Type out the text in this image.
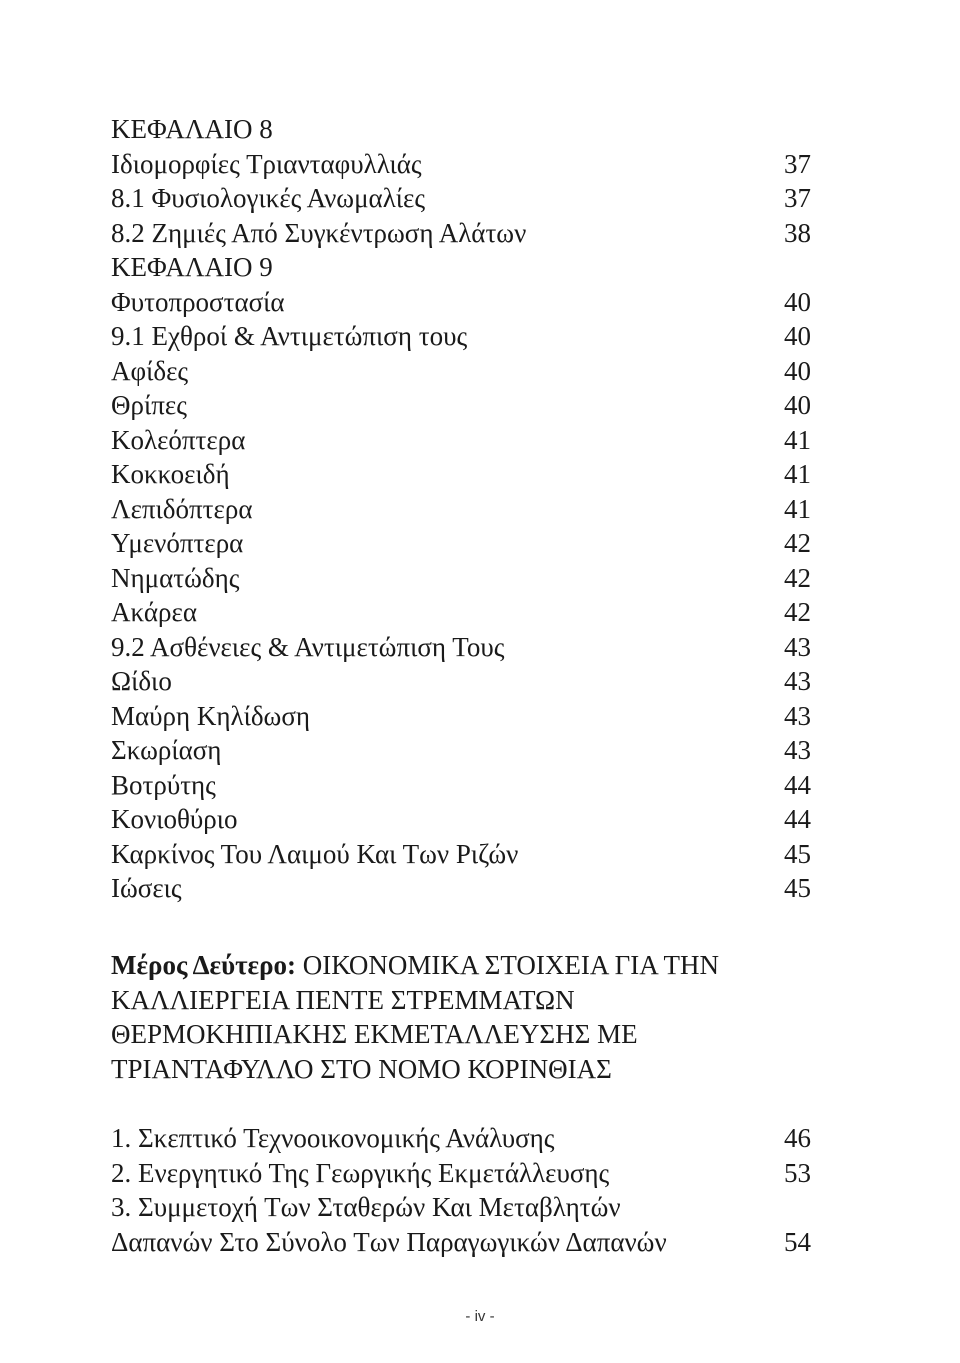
ΚΕΦΑΛΑΙΟ 8
Ιδιομορφίες Τριανταφυλλιάς	37
8.1 Φυσιολογικές Ανωμαλίες	37
8.2 Ζημιές Από Συγκέντρωση Αλάτων	38
ΚΕΦΑΛΑΙΟ 9
Φυτοπροστασία	40
9.1 Εχθροί & Αντιμετώπιση τους	40
Αφίδες	40
Θρίπες	40
Κολεόπτερα	41
Κοκκοειδή	41
Λεπιδόπτερα	41
Υμενόπτερα	42
Νηματώδης	42
Ακάρεα	42
9.2 Ασθένειες & Αντιμετώπιση Τους	43
Ωίδιο	43
Μαύρη Κηλίδωση	43
Σκωρίαση	43
Βοτρύτης	44
Κονιοθύριο	44
Καρκίνος Του Λαιμού Και Των Ριζών	45
Ιώσεις	45
Μέρος Δεύτερο: ΟΙΚΟΝΟΜΙΚΑ ΣΤΟΙΧΕΙΑ ΓΙΑ ΤΗΝ ΚΑΛΛΙΕΡΓΕΙΑ ΠΕΝΤΕ ΣΤΡΕΜΜΑΤΩΝ ΘΕΡΜΟΚΗΠΙΑΚΗΣ ΕΚΜΕΤΑΛΛΕΥΣΗΣ ΜΕ ΤΡΙΑΝΤΑΦΥΛΛΟ ΣΤΟ ΝΟΜΟ ΚΟΡΙΝΘΙΑΣ
1. Σκεπτικό Τεχνοοικονομικής Ανάλυσης	46
2. Ενεργητικό Της Γεωργικής Εκμετάλλευσης	53
3. Συμμετοχή Των Σταθερών Και Μεταβλητών
Δαπανών Στο Σύνολο Των Παραγωγικών Δαπανών	54
- iv -
